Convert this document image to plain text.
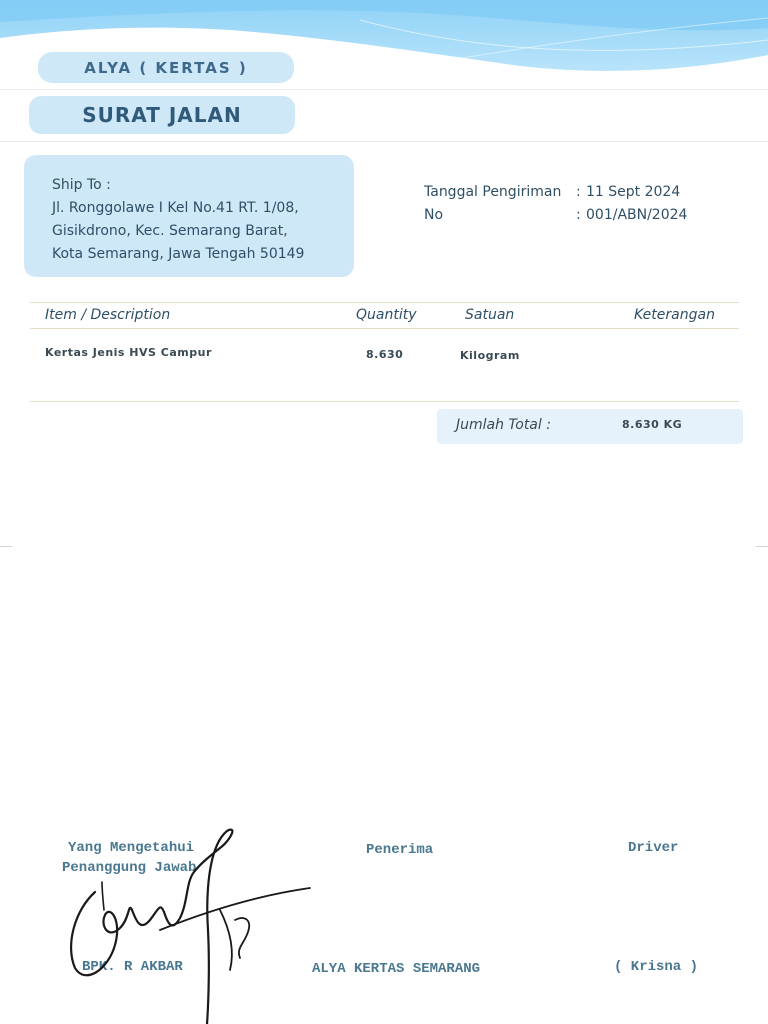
ALYA ( KERTAS )
SURAT JALAN
Ship To :
Jl. Ronggolawe I Kel No.41 RT. 1/08,
Gisikdrono, Kec. Semarang Barat,
Kota Semarang, Jawa Tengah 50149
Tanggal Pengiriman : 11 Sept 2024
No	: 001/ABN/2024
Item / Description	Quantity	Satuan	Keterangan
Kertas Jenis HVS Campur	8.630	Kilogram
Jumlah Total :	8.630 KG
Yang Mengetahui
Penanggung Jawab
Penerima	Driver
BPK. R AKBAR	ALYA KERTAS SEMARANG	( Krisna )
